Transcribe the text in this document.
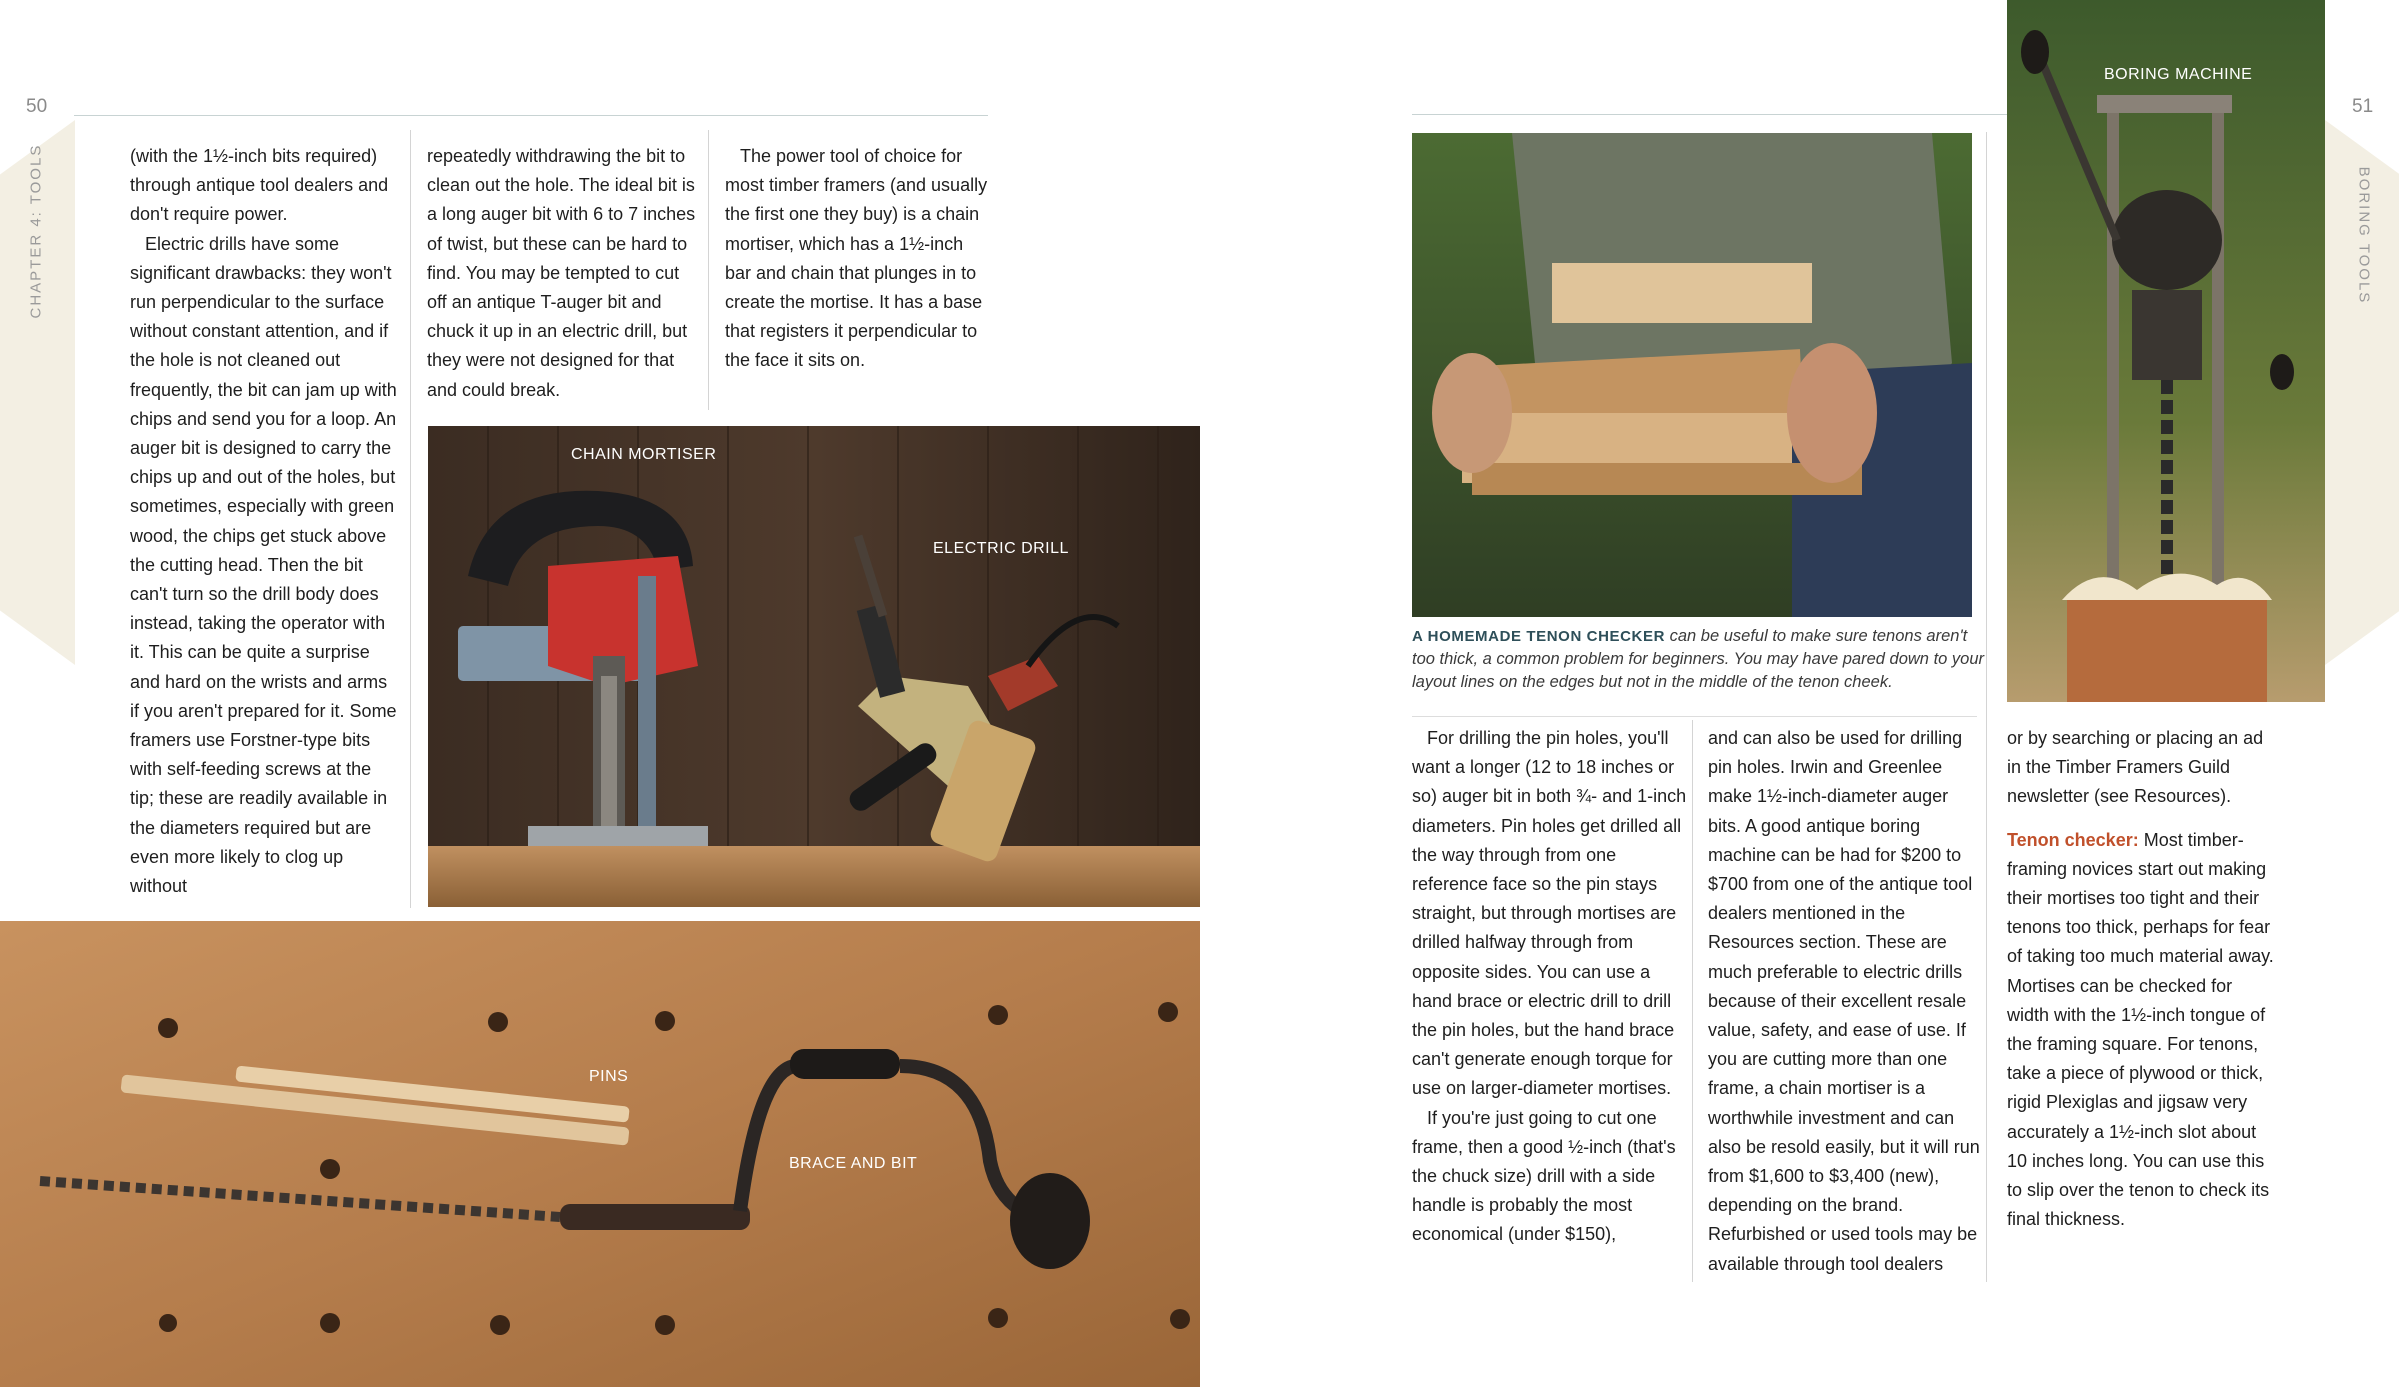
50
CHAPTER 4: TOOLS	(with the 1½-inch bits required) through antique tool dealers and don't require power.

Electric drills have some significant drawbacks: they won't run perpendicular to the surface without constant attention, and if the hole is not cleaned out frequently, the bit can jam up with chips and send you for a loop. An auger bit is designed to carry the chips up and out of the holes, but sometimes, especially with green wood, the chips get stuck above the cutting head. Then the bit can't turn so the drill body does instead, taking the operator with it. This can be quite a surprise and hard on the wrists and arms if you aren't prepared for it. Some framers use Forstner-type bits with self-feeding screws at the tip; these are readily available in the diameters required but are even more likely to clog up without

repeatedly withdrawing the bit to clean out the hole. The ideal bit is a long auger bit with 6 to 7 inches of twist, but these can be hard to find. You may be tempted to cut off an antique T-auger bit and chuck it up in an electric drill, but they were not designed for that and could break.

The power tool of choice for most timber framers (and usually the first one they buy) is a chain mortiser, which has a 1½-inch bar and chain that plunges in to create the mortise. It has a base that registers it perpendicular to the face it sits on.

CHAIN MORTISER
ELECTRIC DRILL
PINS
BRACE AND BIT
51
BORING TOOLS
A HOMEMADE TENON CHECKER can be useful to make sure tenons aren't too thick, a common problem for beginners. You may have pared down to your layout lines on the edges but not in the middle of the tenon cheek.
BORING MACHINE

For drilling the pin holes, you'll want a longer (12 to 18 inches or so) auger bit in both ¾- and 1-inch diameters. Pin holes get drilled all the way through from one reference face so the pin stays straight, but through mortises are drilled halfway through from opposite sides. You can use a hand brace or electric drill to drill the pin holes, but the hand brace can't generate enough torque for use on larger-diameter mortises.

If you're just going to cut one frame, then a good ½-inch (that's the chuck size) drill with a side handle is probably the most economical (under $150),

and can also be used for drilling pin holes. Irwin and Greenlee make 1½-inch-diameter auger bits. A good antique boring machine can be had for $200 to $700 from one of the antique tool dealers mentioned in the Resources section. These are much preferable to electric drills because of their excellent resale value, safety, and ease of use. If you are cutting more than one frame, a chain mortiser is a worthwhile investment and can also be resold easily, but it will run from $1,600 to $3,400 (new), depending on the brand. Refurbished or used tools may be available through tool dealers

or by searching or placing an ad in the Timber Framers Guild newsletter (see Resources).

Tenon checker: Most timber-framing novices start out making their mortises too tight and their tenons too thick, perhaps for fear of taking too much material away. Mortises can be checked for width with the 1½-inch tongue of the framing square. For tenons, take a piece of plywood or thick, rigid Plexiglas and jigsaw very accurately a 1½-inch slot about 10 inches long. You can use this to slip over the tenon to check its final thickness.
